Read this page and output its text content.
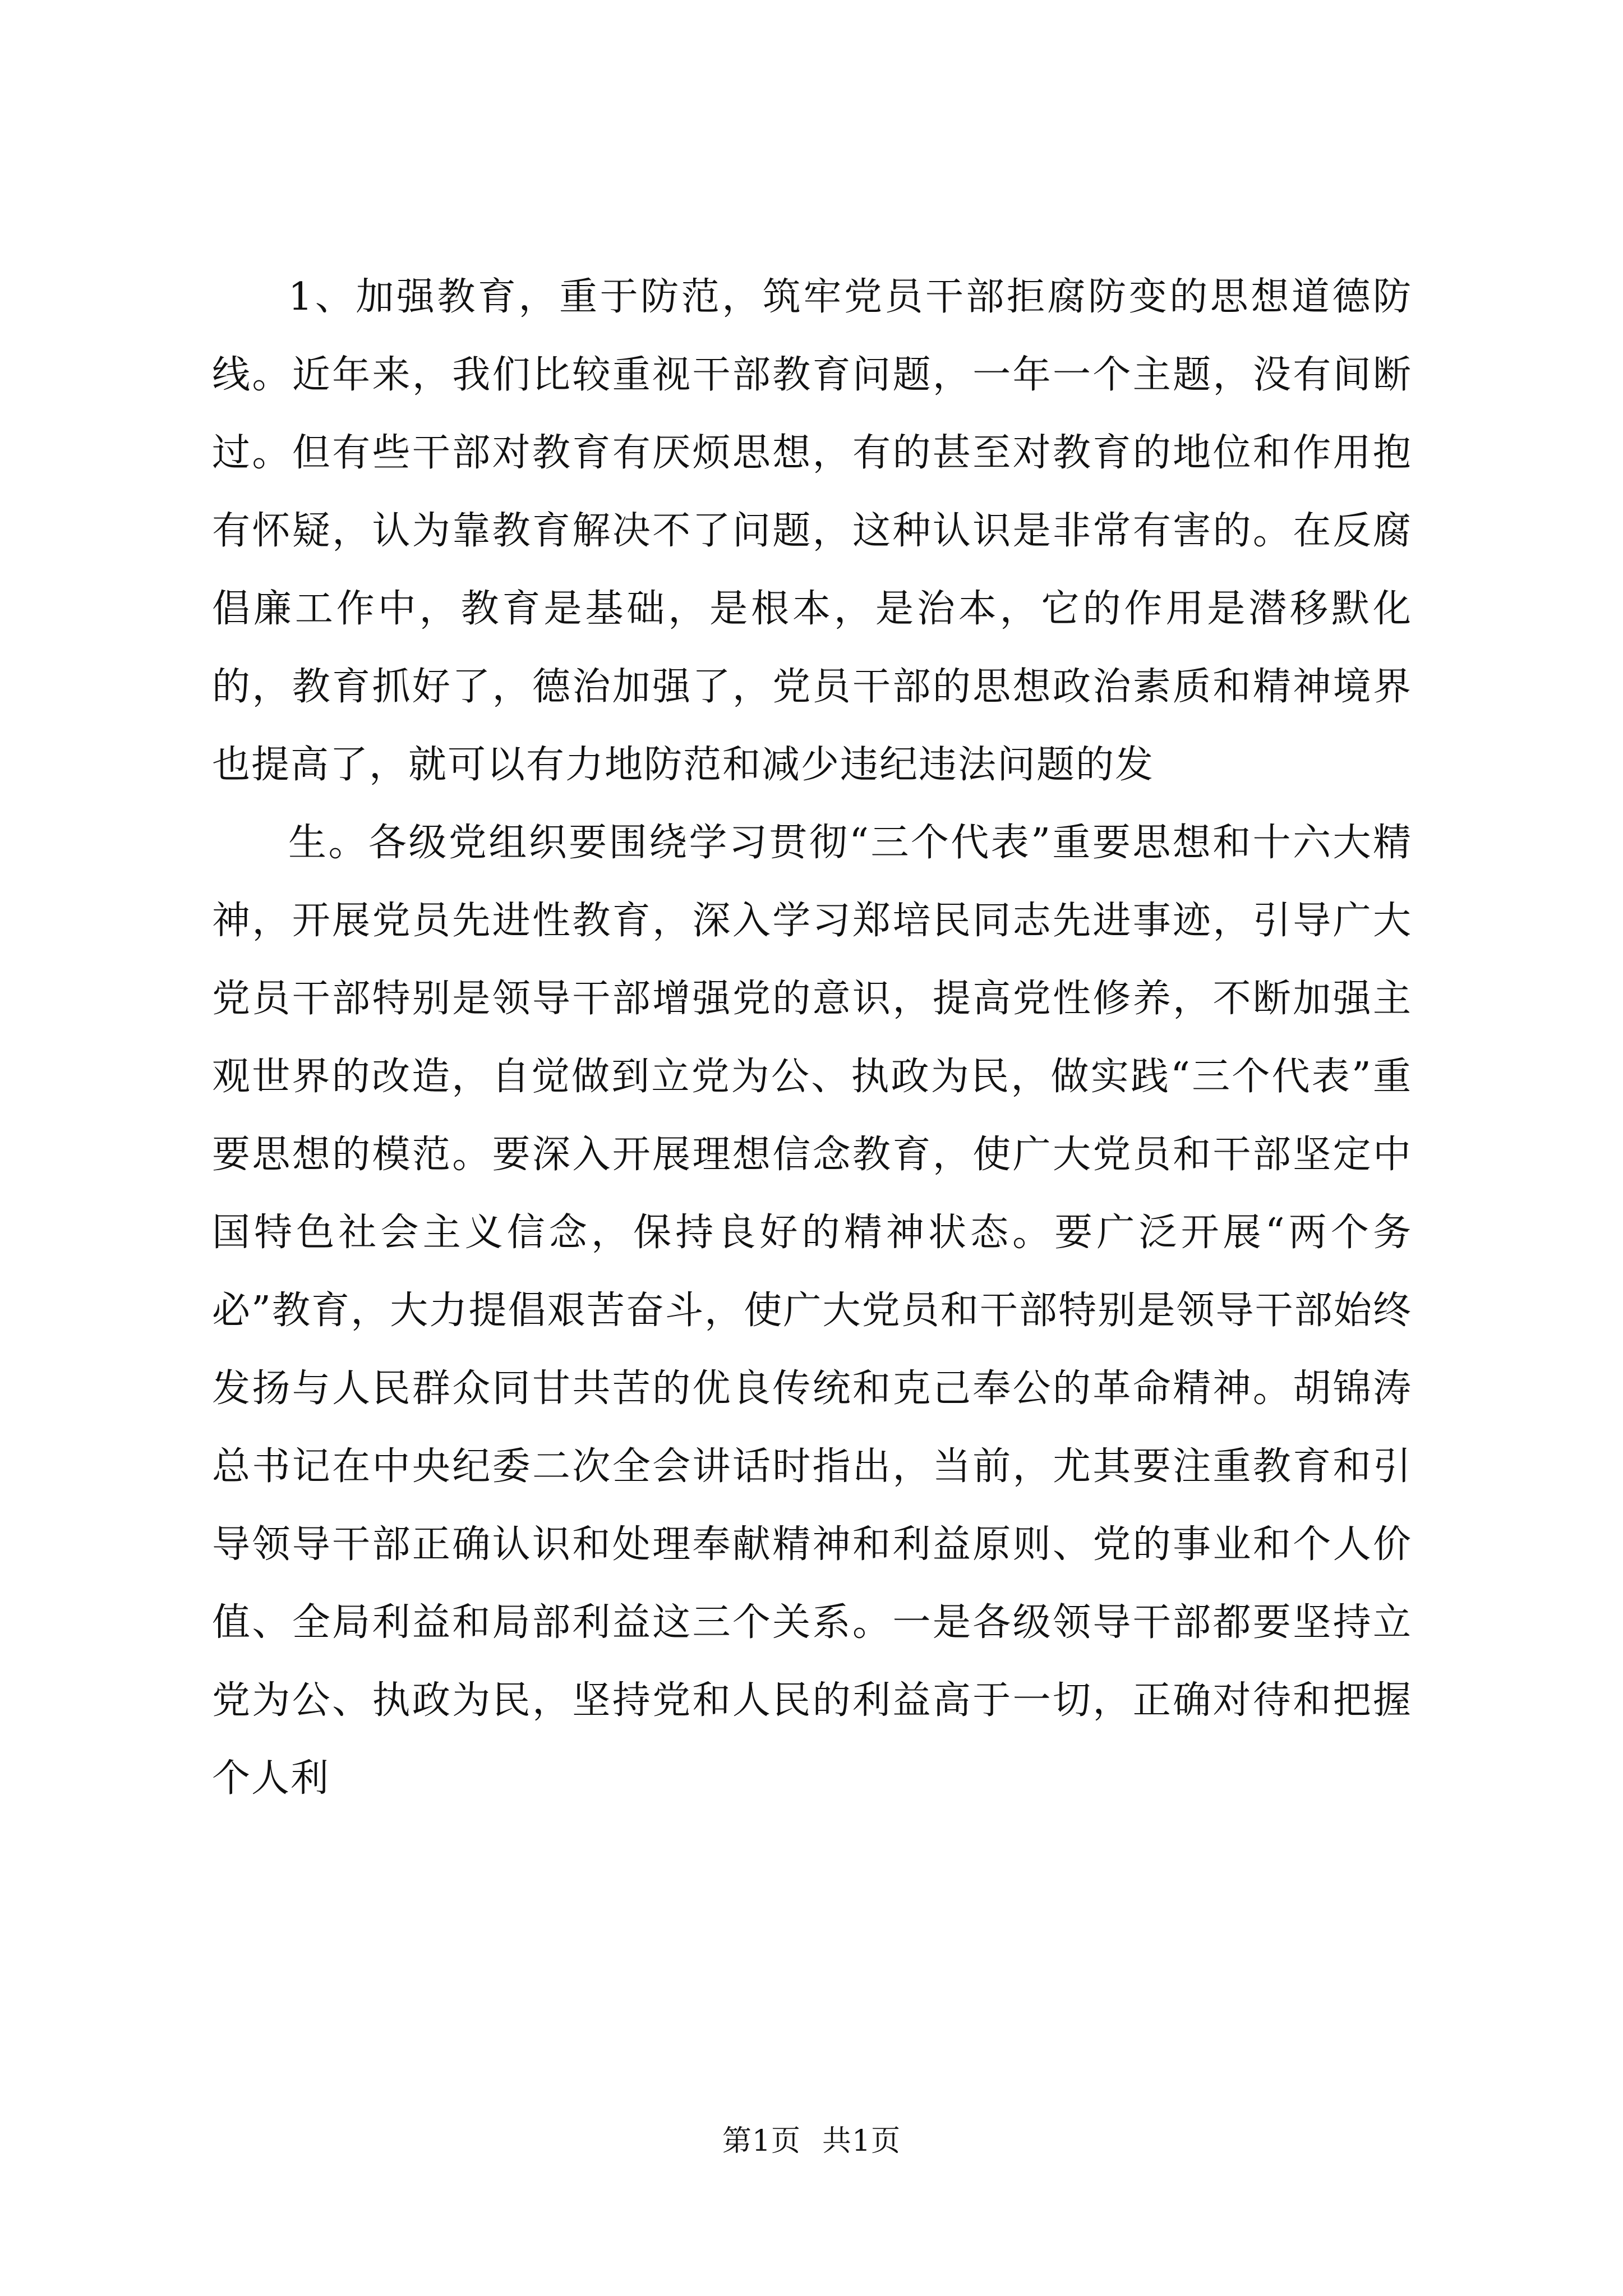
1、加强教育，重于防范，筑牢党员干部拒腐防变的思想道德防线。近年来，我们比较重视干部教育问题，一年一个主题，没有间断过。但有些干部对教育有厌烦思想，有的甚至对教育的地位和作用抱有怀疑，认为靠教育解决不了问题，这种认识是非常有害的。在反腐倡廉工作中，教育是基础，是根本，是治本，它的作用是潜移默化的，教育抓好了，德治加强了，党员干部的思想政治素质和精神境界也提高了，就可以有力地防范和减少违纪违法问题的发

生。各级党组织要围绕学习贯彻“三个代表”重要思想和十六大精神，开展党员先进性教育，深入学习郑培民同志先进事迹，引导广大党员干部特别是领导干部增强党的意识，提高党性修养，不断加强主观世界的改造，自觉做到立党为公、执政为民，做实践“三个代表”重要思想的模范。要深入开展理想信念教育，使广大党员和干部坚定中国特色社会主义信念，保持良好的精神状态。要广泛开展“两个务必”教育，大力提倡艰苦奋斗，使广大党员和干部特别是领导干部始终发扬与人民群众同甘共苦的优良传统和克己奉公的革命精神。胡锦涛总书记在中央纪委二次全会讲话时指出，当前，尤其要注重教育和引导领导干部正确认识和处理奉献精神和利益原则、党的事业和个人价值、全局利益和局部利益这三个关系。一是各级领导干部都要坚持立党为公、执政为民，坚持党和人民的利益高于一切，正确对待和把握个人利

第1页 共1页
